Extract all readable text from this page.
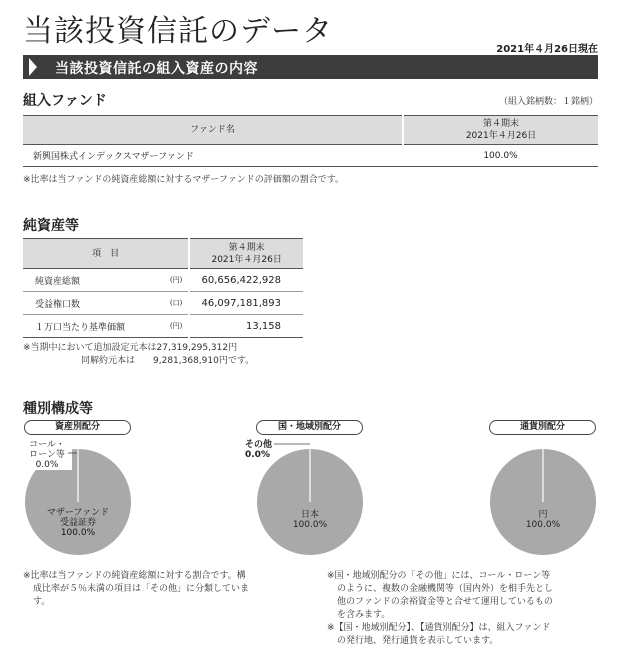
当該投資信託のデータ
2021年４月26日現在
当該投資信託の組入資産の内容
組入ファンド	（組入銘柄数：１銘柄）
ファンド名	第４期末
2021年４月26日

新興国株式インデックスマザーファンド	100.0%
※比率は当ファンドの純資産総額に対するマザーファンドの評価額の割合です。
純資産等
項　目		第４期末
2021年４月26日

純資産総額	(円)	60,656,422,928
受益権口数	(口)	46,097,181,893
１万口当たり基準価額	(円)	13,158
※当期中において追加設定元本は27,319,295,312円
同解約元本は　　9,281,368,910円です。
種別構成等
資産別配分	国・地域別配分	通貨別配分
コール・
ローン等
0.0%
マザーファンド
受益証券
100.0%
その他
0.0%
日本
100.0%
円
100.0%
※比率は当ファンドの純資産総額に対する割合です。構
成比率が５％未満の項目は「その他」に分類していま
す。
※国・地域別配分の「その他」には、コール・ローン等
のように、複数の金融機関等（国内外）を相手先とし
他のファンドの余裕資金等と合せて運用しているもの
を含みます。
※【国・地域別配分】、【通貨別配分】は、組入ファンド
の発行地、発行通貨を表示しています。
